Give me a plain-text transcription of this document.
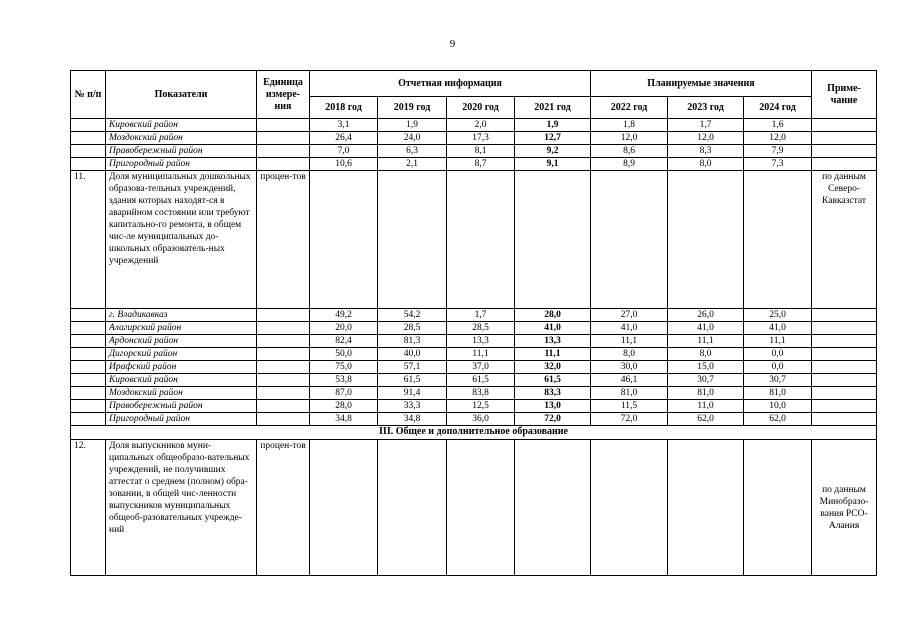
9
№ п/п	Показатели	Единица измере-ния	Отчетная информация				Планируемые значения			Приме-чание
			2018 год	2019 год	2020 год	2021 год	2022 год	2023 год	2024 год	
	Кировский район		3,1	1,9	2,0	1,9	1,8	1,7	1,6	
	Моздокский район		26,4	24,0	17,3	12,7	12,0	12,0	12,0	
	Правобережный район		7,0	6,3	8,1	9,2	8,6	8,3	7,9	
	Пригородный район		10,6	2,1	8,7	9,1	8,9	8,0	7,3	
11.	Доля муниципальных дошкольных образова-тельных учреждений, здания которых находят-ся в аварийном состоянии или требуют капитально-го ремонта, в общем чис-ле муниципальных до-школьных образователь-ных учреждений	процен-тов								по данным Северо-Кавказстат
	г. Владикавказ		49,2	54,2	1,7	28,0	27,0	26,0	25,0	
	Алагирский район		20,0	28,5	28,5	41,0	41,0	41,0	41,0	
	Ардонский район		82,4	81,3	13,3	13,3	11,1	11,1	11,1	
	Дигорский район		50,0	40,0	11,1	11,1	8,0	8,0	0,0	
	Ирафский район		75,0	57,1	37,0	32,0	30,0	15,0	0,0	
	Кировский район		53,8	61,5	61,5	61,5	46,1	30,7	30,7	
	Моздокский район		87,0	91,4	83,8	83,3	81,0	81,0	81,0	
	Правобережный район		28,0	33,3	12,5	13,0	11,5	11,0	10,0	
	Пригородный район		34,8	34,8	36,0	72,0	72,0	62,0	62,0	
III. Общее и дополнительное образование										
12.	Доля выпускников муни-ципальных общеобразо-вательных учреждений, не получивших аттестат о среднем (полном) обра-зовании, в общей чис-ленности выпускников муниципальных общеоб-разовательных учрежде-ний	процен-тов								по данным Минобразо-вания РСО-Алания
